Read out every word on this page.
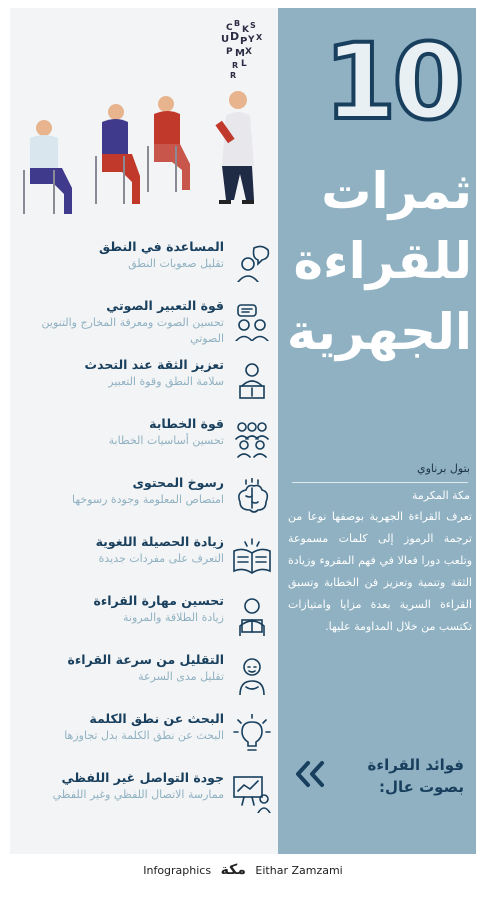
C B
K S
U D P Y X
P M X
R L
R 10
ثمرات
للقراءة
الجهرية
بتول برناوي
مكة المكرمة
تعرف القراءة الجهرية بوصفها نوعا من ترجمة الرموز إلى كلمات مسموعة وتلعب دورا فعالا في فهم المقروء وزيادة الثقة وتنمية وتعزيز فن الخطابة وتسبق القراءة السرية بعدة مزايا وامتيازات تكتسب من خلال المداومة عليها.
فوائد القراءة
بصوت عال:
المساعدة في النطق
تقليل صعوبات النطق
قوة التعبير الصوتي
تحسين الصوت ومعرفة المخارج والتنوين الصوتي
تعزيز الثقة عند التحدث
سلامة النطق وقوة التعبير
قوة الخطابة
تحسين أساسيات الخطابة
رسوخ المحتوى
امتصاص المعلومة وجودة رسوخها
زيادة الحصيلة اللغوية
التعرف على مفردات جديدة
تحسين مهارة القراءة
زيادة الطلاقة والمرونة
التقليل من سرعة القراءة
تقليل مدى السرعة
البحث عن نطق الكلمة
البحث عن نطق الكلمة بدل تجاوزها
جودة التواصل غير اللفظي
ممارسة الاتصال اللفظي وغير اللفظي
Infographics مكة Eithar Zamzami
